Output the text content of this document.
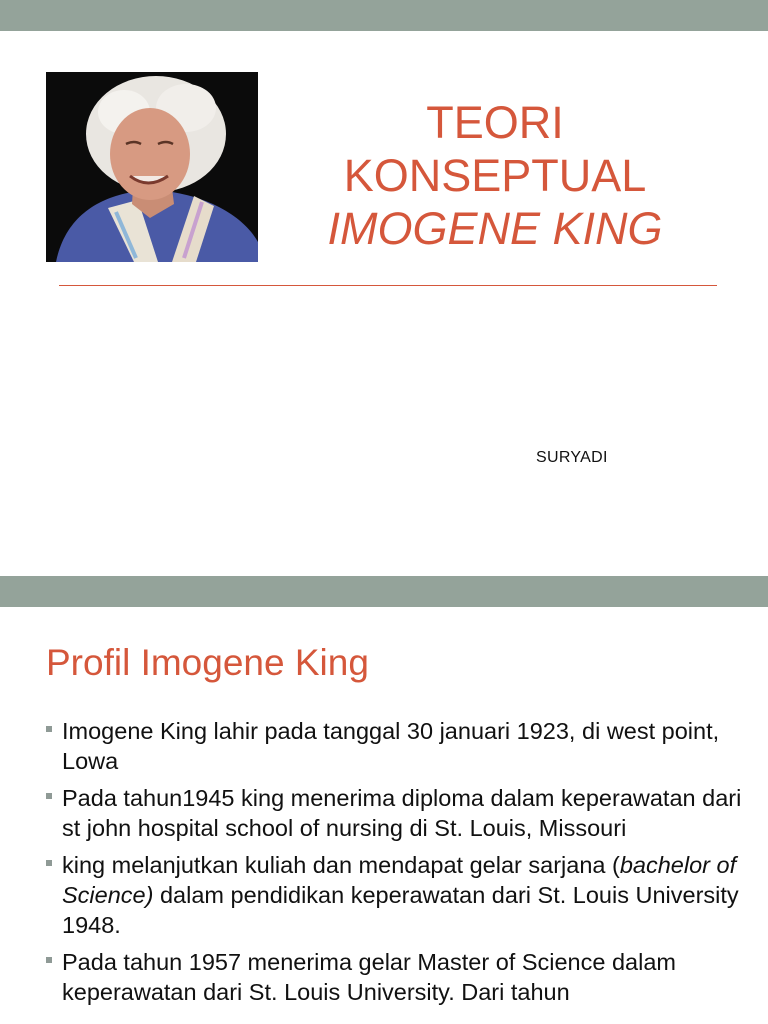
TEORI
KONSEPTUAL
IMOGENE KING
SURYADI
Profil Imogene King
Imogene King lahir pada tanggal 30 januari 1923, di west point, Lowa
Pada tahun1945 king menerima diploma dalam keperawatan dari st john hospital school of nursing di St. Louis, Missouri
king melanjutkan kuliah dan mendapat gelar sarjana (bachelor of Science) dalam pendidikan keperawatan dari St. Louis University 1948.
Pada tahun 1957 menerima gelar Master of Science dalam keperawatan dari St. Louis University. Dari tahun
